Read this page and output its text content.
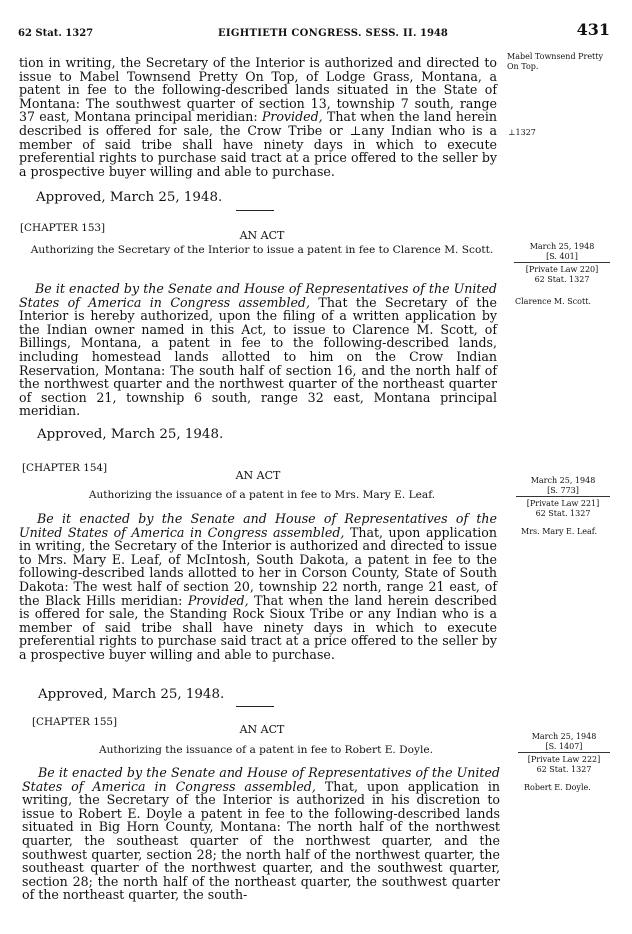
62 Stat. 1327	EIGHTIETH CONGRESS. SESS. II. 1948	431

tion in writing, the Secretary of the Interior is authorized and directed to issue to Mabel Townsend Pretty On Top, of Lodge Grass, Montana, a patent in fee to the following-described lands situated in the State of Montana: The southwest quarter of section 13, township 7 south, range 37 east, Montana principal meridian: Provided, That when the land herein described is offered for sale, the Crow Tribe or ⊥any Indian who is a member of said tribe shall have ninety days in which to execute preferential rights to purchase said tract at a price offered to the seller by a prospective buyer willing and able to purchase.

Approved, March 25, 1948.
Mabel Townsend Pretty On Top.
⊥1327
[CHAPTER 153]
AN ACT
Authorizing the Secretary of the Interior to issue a patent in fee to Clarence M. Scott.

Be it enacted by the Senate and House of Representatives of the United States of America in Congress assembled, That the Secretary of the Interior is hereby authorized, upon the filing of a written application by the Indian owner named in this Act, to issue to Clarence M. Scott, of Billings, Montana, a patent in fee to the following-described lands, including homestead lands allotted to him on the Crow Indian Reservation, Montana: The south half of section 16, and the north half of the northwest quarter and the northwest quarter of the northeast quarter of section 21, township 6 south, range 32 east, Montana principal meridian.

Approved, March 25, 1948.
March 25, 1948
[S. 401]
[Private Law 220]
62 Stat. 1327
Clarence M. Scott.
[CHAPTER 154]
AN ACT
Authorizing the issuance of a patent in fee to Mrs. Mary E. Leaf.

Be it enacted by the Senate and House of Representatives of the United States of America in Congress assembled, That, upon application in writing, the Secretary of the Interior is authorized and directed to issue to Mrs. Mary E. Leaf, of McIntosh, South Dakota, a patent in fee to the following-described lands allotted to her in Corson County, State of South Dakota: The west half of section 20, township 22 north, range 21 east, of the Black Hills meridian: Provided, That when the land herein described is offered for sale, the Standing Rock Sioux Tribe or any Indian who is a member of said tribe shall have ninety days in which to execute preferential rights to purchase said tract at a price offered to the seller by a prospective buyer willing and able to purchase.

Approved, March 25, 1948.
March 25, 1948
[S. 773]
[Private Law 221]
62 Stat. 1327
Mrs. Mary E. Leaf.
[CHAPTER 155]
AN ACT
Authorizing the issuance of a patent in fee to Robert E. Doyle.

Be it enacted by the Senate and House of Representatives of the United States of America in Congress assembled, That, upon application in writing, the Secretary of the Interior is authorized in his discretion to issue to Robert E. Doyle a patent in fee to the following-described lands situated in Big Horn County, Montana: The north half of the northwest quarter, the southeast quarter of the northwest quarter, and the southwest quarter, section 28; the north half of the northwest quarter, the southeast quarter of the northwest quarter, and the southwest quarter, section 28; the north half of the northeast quarter, the southwest quarter of the northeast quarter, the south-

March 25, 1948
[S. 1407]
[Private Law 222]
62 Stat. 1327
Robert E. Doyle.
